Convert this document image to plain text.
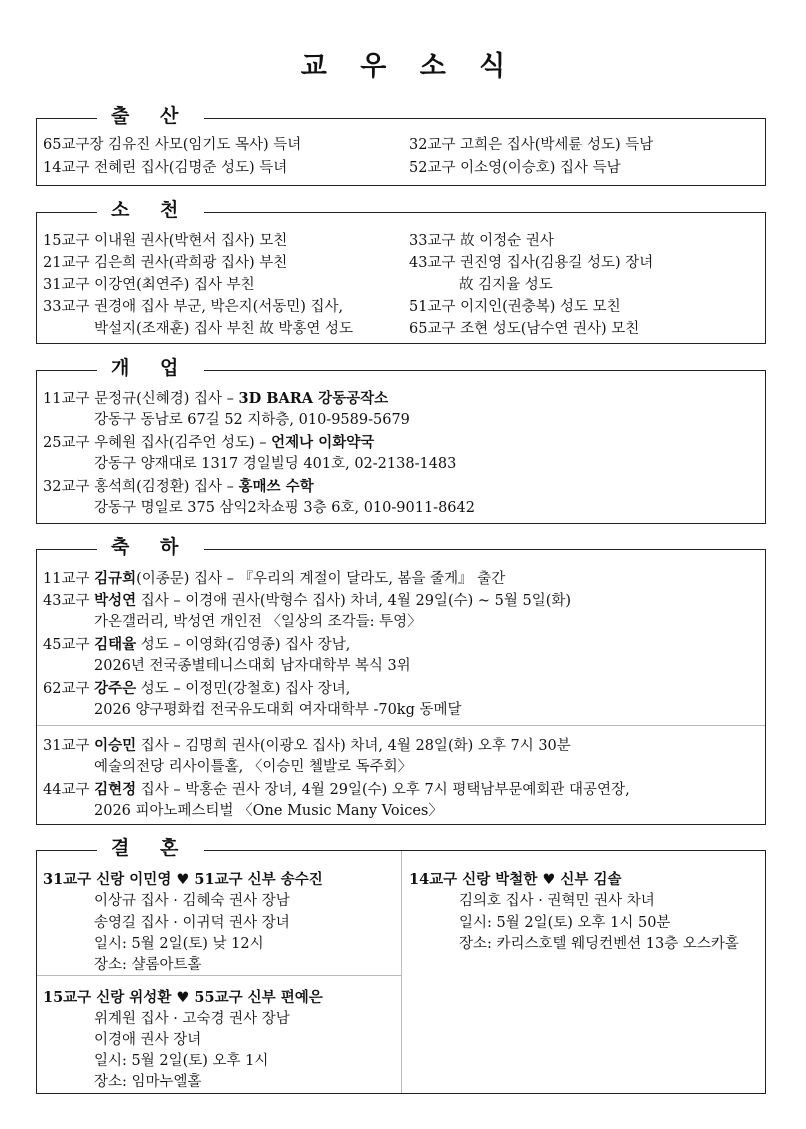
교 우 소 식
출 산
65교구장 김유진 사모(임기도 목사) 득녀
14교구 전혜린 집사(김명준 성도) 득녀
32교구 고희은 집사(박세륜 성도) 득남
52교구 이소영(이승호) 집사 득남
소 천
15교구 이내원 권사(박현서 집사) 모친
21교구 김은희 권사(곽희광 집사) 부친
31교구 이강연(최연주) 집사 부친
33교구 권경애 집사 부군, 박은지(서동민) 집사,
박설지(조재훈) 집사 부친 故 박홍연 성도
33교구 故 이정순 권사
43교구 권진영 집사(김용길 성도) 장녀
故 김지율 성도
51교구 이지인(권충복) 성도 모친
65교구 조현 성도(남수연 권사) 모친
개 업
11교구 문정규(신혜경) 집사 – 3D BARA 강동공작소
강동구 동남로 67길 52 지하층, 010-9589-5679
25교구 우혜원 집사(김주언 성도) – 언제나 이화약국
강동구 양재대로 1317 경일빌딩 401호, 02-2138-1483
32교구 홍석희(김정환) 집사 – 홍매쓰 수학
강동구 명일로 375 삼익2차쇼핑 3층 6호, 010-9011-8642
축 하
11교구 김규희(이종문) 집사 – 『우리의 계절이 달라도, 봄을 줄게』 출간
43교구 박성연 집사 – 이경애 권사(박형수 집사) 차녀, 4월 29일(수) ~ 5월 5일(화)
가온갤러리, 박성연 개인전 〈일상의 조각들: 투영〉
45교구 김태율 성도 – 이영화(김영종) 집사 장남,
2026년 전국종별테니스대회 남자대학부 복식 3위
62교구 강주은 성도 – 이정민(강철호) 집사 장녀,
2026 양구평화컵 전국유도대회 여자대학부 -70kg 동메달
31교구 이승민 집사 – 김명희 권사(이광오 집사) 차녀, 4월 28일(화) 오후 7시 30분
예술의전당 리사이틀홀, 〈이승민 첼발로 독주회〉
44교구 김현정 집사 – 박홍순 권사 장녀, 4월 29일(수) 오후 7시 평택남부문예회관 대공연장,
2026 피아노페스티벌 〈One Music Many Voices〉
결 혼
31교구 신랑 이민영 ♥ 51교구 신부 송수진
이상규 집사 · 김혜숙 권사 장남
송영길 집사 · 이귀덕 권사 장녀
일시: 5월 2일(토) 낮 12시
장소: 샬롬아트홀
15교구 신랑 위성환 ♥ 55교구 신부 편예은
위계원 집사 · 고숙경 권사 장남
이경애 권사 장녀
일시: 5월 2일(토) 오후 1시
장소: 임마누엘홀
14교구 신랑 박철한 ♥ 신부 김솔
김의호 집사 · 권혁민 권사 차녀
일시: 5월 2일(토) 오후 1시 50분
장소: 카리스호텔 웨딩컨벤션 13층 오스카홀
